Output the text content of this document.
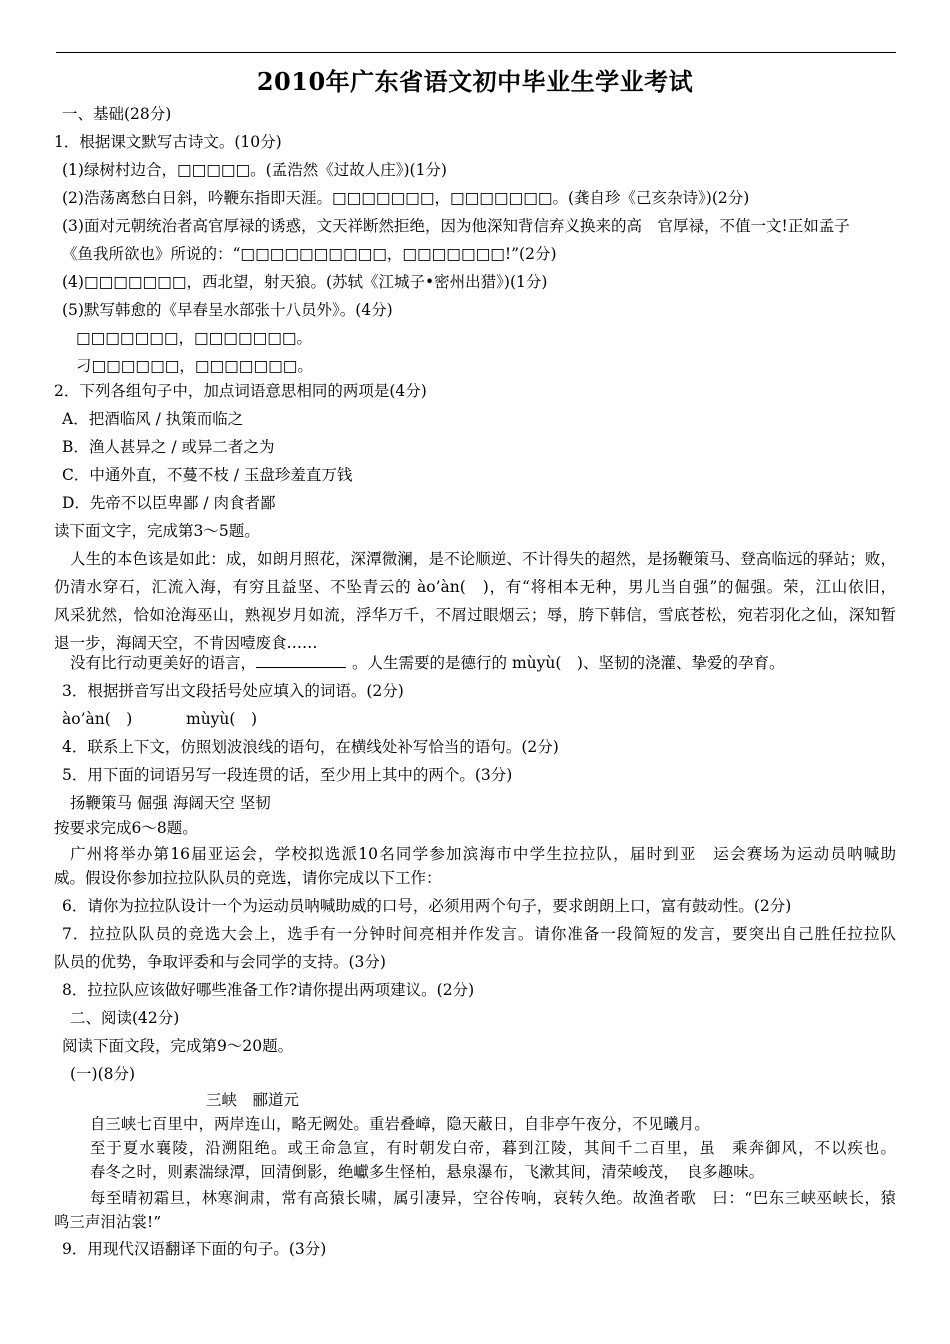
2010年广东省语文初中毕业生学业考试
一、基础(28分)
1．根据课文默写古诗文。(10分)
(1)绿树村边合，□□□□□。(孟浩然《过故人庄》)(1分)
(2)浩荡离愁白日斜，吟鞭东指即天涯。□□□□□□□，□□□□□□□。(龚自珍《己亥杂诗》)(2分)
(3)面对元朝统治者高官厚禄的诱惑，文天祥断然拒绝，因为他深知背信弃义换来的高　官厚禄，不值一文!正如孟子
《鱼我所欲也》所说的：“□□□□□□□□□□，□□□□□□□!”(2分)
(4)□□□□□□□，西北望，射天狼。(苏轼《江城子•密州出猎》)(1分)
(5)默写韩愈的《早春呈水部张十八员外》。(4分)
□□□□□□□，□□□□□□□。
刁□□□□□□，□□□□□□□。
2．下列各组句子中，加点词语意思相同的两项是(4分)
A．把酒临风 / 执策而临之
B．渔人甚异之 / 或异二者之为
C．中通外直，不蔓不枝 / 玉盘珍羞直万钱
D．先帝不以臣卑鄙 / 肉食者鄙
读下面文字，完成第3～5题。
人生的本色该是如此：成，如朗月照花，深潭微澜，是不论顺逆、不计得失的超然，是扬鞭策马、登高临远的驿站；败，
仍清水穿石，汇流入海，有穷且益坚、不坠青云的 ào’àn(　)，有“将相本无种，男儿当自强”的倔强。荣，江山依旧，
风采犹然，恰如沧海巫山，熟视岁月如流，浮华万千，不屑过眼烟云；辱，胯下韩信，雪底苍松，宛若羽化之仙，深知暂
退一步，海阔天空，不肯因噎废食……
没有比行动更美好的语言，	。人生需要的是德行的 mùyù(　)、坚韧的浇灌、挚爱的孕育。
3．根据拼音写出文段括号处应填入的词语。(2分)
ào’àn(　)	mùyù(　)
4．联系上下文，仿照划波浪线的语句，在横线处补写恰当的语句。(2分)
5．用下面的词语另写一段连贯的话，至少用上其中的两个。(3分)
扬鞭策马 倔强 海阔天空 坚韧
按要求完成6～8题。
广州将举办第16届亚运会，学校拟选派10名同学参加滨海市中学生拉拉队，届时到亚　运会赛场为运动员呐喊助
威。假设你参加拉拉队队员的竞选，请你完成以下工作：
6．请你为拉拉队设计一个为运动员呐喊助威的口号，必须用两个句子，要求朗朗上口，富有鼓动性。(2分)
7．拉拉队队员的竞选大会上，选手有一分钟时间亮相并作发言。请你准备一段简短的发言，要突出自己胜任拉拉队
队员的优势，争取评委和与会同学的支持。(3分)
8．拉拉队应该做好哪些准备工作?请你提出两项建议。(2分)
二、阅读(42分)
阅读下面文段，完成第9～20题。
(一)(8分)
三峡　郦道元
自三峡七百里中，两岸连山，略无阙处。重岩叠嶂，隐天蔽日，自非亭午夜分，不见曦月。
至于夏水襄陵，沿溯阻绝。或王命急宣，有时朝发白帝，暮到江陵，其间千二百里，虽　乘奔御风，不以疾也。
春冬之时，则素湍绿潭，回清倒影，绝巘多生怪柏，悬泉瀑布，飞漱其间，清荣峻茂，　良多趣味。
每至晴初霜旦，林寒涧肃，常有高猿长啸，属引凄异，空谷传响，哀转久绝。故渔者歌　曰：“巴东三峡巫峡长，猿
鸣三声泪沾裳!”
9．用现代汉语翻译下面的句子。(3分)
